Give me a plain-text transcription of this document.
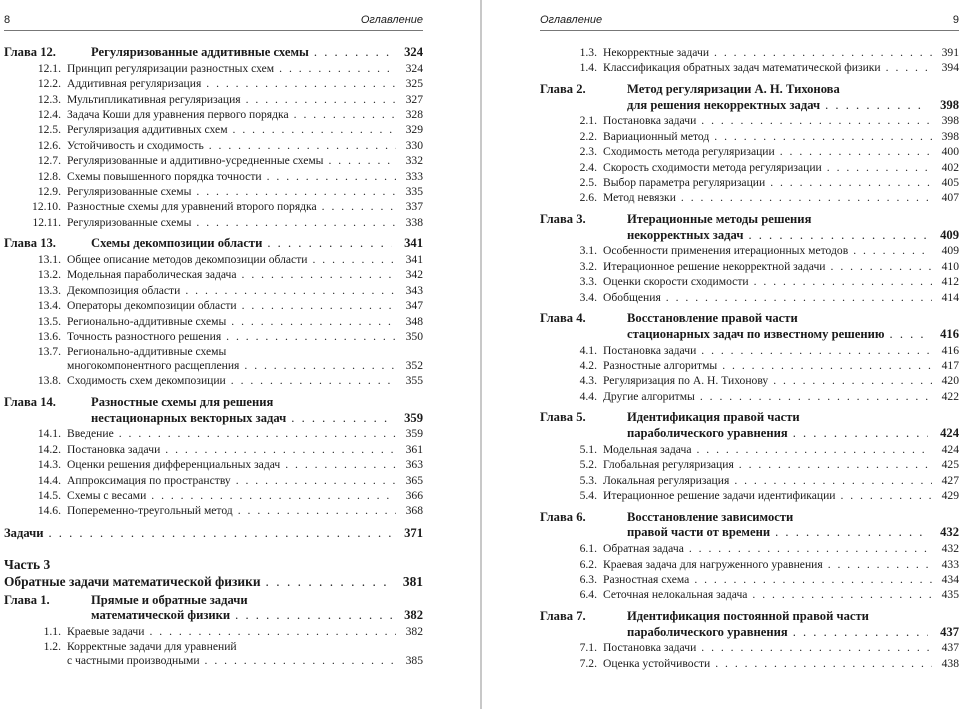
8	Оглавление
Глава 12.	Регуляризованные аддитивные схемы . . .	324
12.1. Принцип регуляризации разностных схем . . .	324
12.2. Аддитивная регуляризация . . .	325
12.3. Мультипликативная регуляризация . . .	327
12.4. Задача Коши для уравнения первого порядка . . .	328
12.5. Регуляризация аддитивных схем . . .	329
12.6. Устойчивость и сходимость . . .	330
12.7. Регуляризованные и аддитивно-усредненные схемы . . .	332
12.8. Схемы повышенного порядка точности . . .	333
12.9. Регуляризованные схемы . . .	335
12.10. Разностные схемы для уравнений второго порядка . . .	337
12.11. Регуляризованные схемы . . .	338
Глава 13.	Схемы декомпозиции области . . .	341
13.1. Общее описание методов декомпозиции области . . .	341
13.2. Модельная параболическая задача . . .	342
13.3. Декомпозиция области . . .	343
13.4. Операторы декомпозиции области . . .	347
13.5. Регионально-аддитивные схемы . . .	348
13.6. Точность разностного решения . . .	350
13.7. Регионально-аддитивные схемы
многокомпонентного расщепления . . .	352
13.8. Сходимость схем декомпозиции . . .	355
Глава 14.	Разностные схемы для решения
нестационарных векторных задач . . .	359
14.1. Введение . . .	359
14.2. Постановка задачи . . .	361
14.3. Оценки решения дифференциальных задач . . .	363
14.4. Аппроксимация по пространству . . .	365
14.5. Схемы с весами . . .	366
14.6. Попеременно-треугольный метод . . .	368
Задачи . . .	371
Часть 3
Обратные задачи математической физики . . .	381
Глава 1.	Прямые и обратные задачи
математической физики . . .	382
1.1. Краевые задачи . . .	382
1.2. Корректные задачи для уравнений
с частными производными . . .	385
Оглавление	9
1.3. Некорректные задачи . . .	391
1.4. Классификация обратных задач математической физики . . .	394
Глава 2.	Метод регуляризации А. Н. Тихонова
для решения некорректных задач . . .	398
2.1. Постановка задачи . . .	398
2.2. Вариационный метод . . .	398
2.3. Сходимость метода регуляризации . . .	400
2.4. Скорость сходимости метода регуляризации . . .	402
2.5. Выбор параметра регуляризации . . .	405
2.6. Метод невязки . . .	407
Глава 3.	Итерационные методы решения
некорректных задач . . .	409
3.1. Особенности применения итерационных методов . . .	409
3.2. Итерационное решение некорректной задачи . . .	410
3.3. Оценки скорости сходимости . . .	412
3.4. Обобщения . . .	414
Глава 4.	Восстановление правой части
стационарных задач по известному решению . . .	416
4.1. Постановка задачи . . .	416
4.2. Разностные алгоритмы . . .	417
4.3. Регуляризация по А. Н. Тихонову . . .	420
4.4. Другие алгоритмы . . .	422
Глава 5.	Идентификация правой части
параболического уравнения . . .	424
5.1. Модельная задача . . .	424
5.2. Глобальная регуляризация . . .	425
5.3. Локальная регуляризация . . .	427
5.4. Итерационное решение задачи идентификации . . .	429
Глава 6.	Восстановление зависимости
правой части от времени . . .	432
6.1. Обратная задача . . .	432
6.2. Краевая задача для нагруженного уравнения . . .	433
6.3. Разностная схема . . .	434
6.4. Сеточная нелокальная задача . . .	435
Глава 7.	Идентификация постоянной правой части
параболического уравнения . . .	437
7.1. Постановка задачи . . .	437
7.2. Оценка устойчивости . . .	438
